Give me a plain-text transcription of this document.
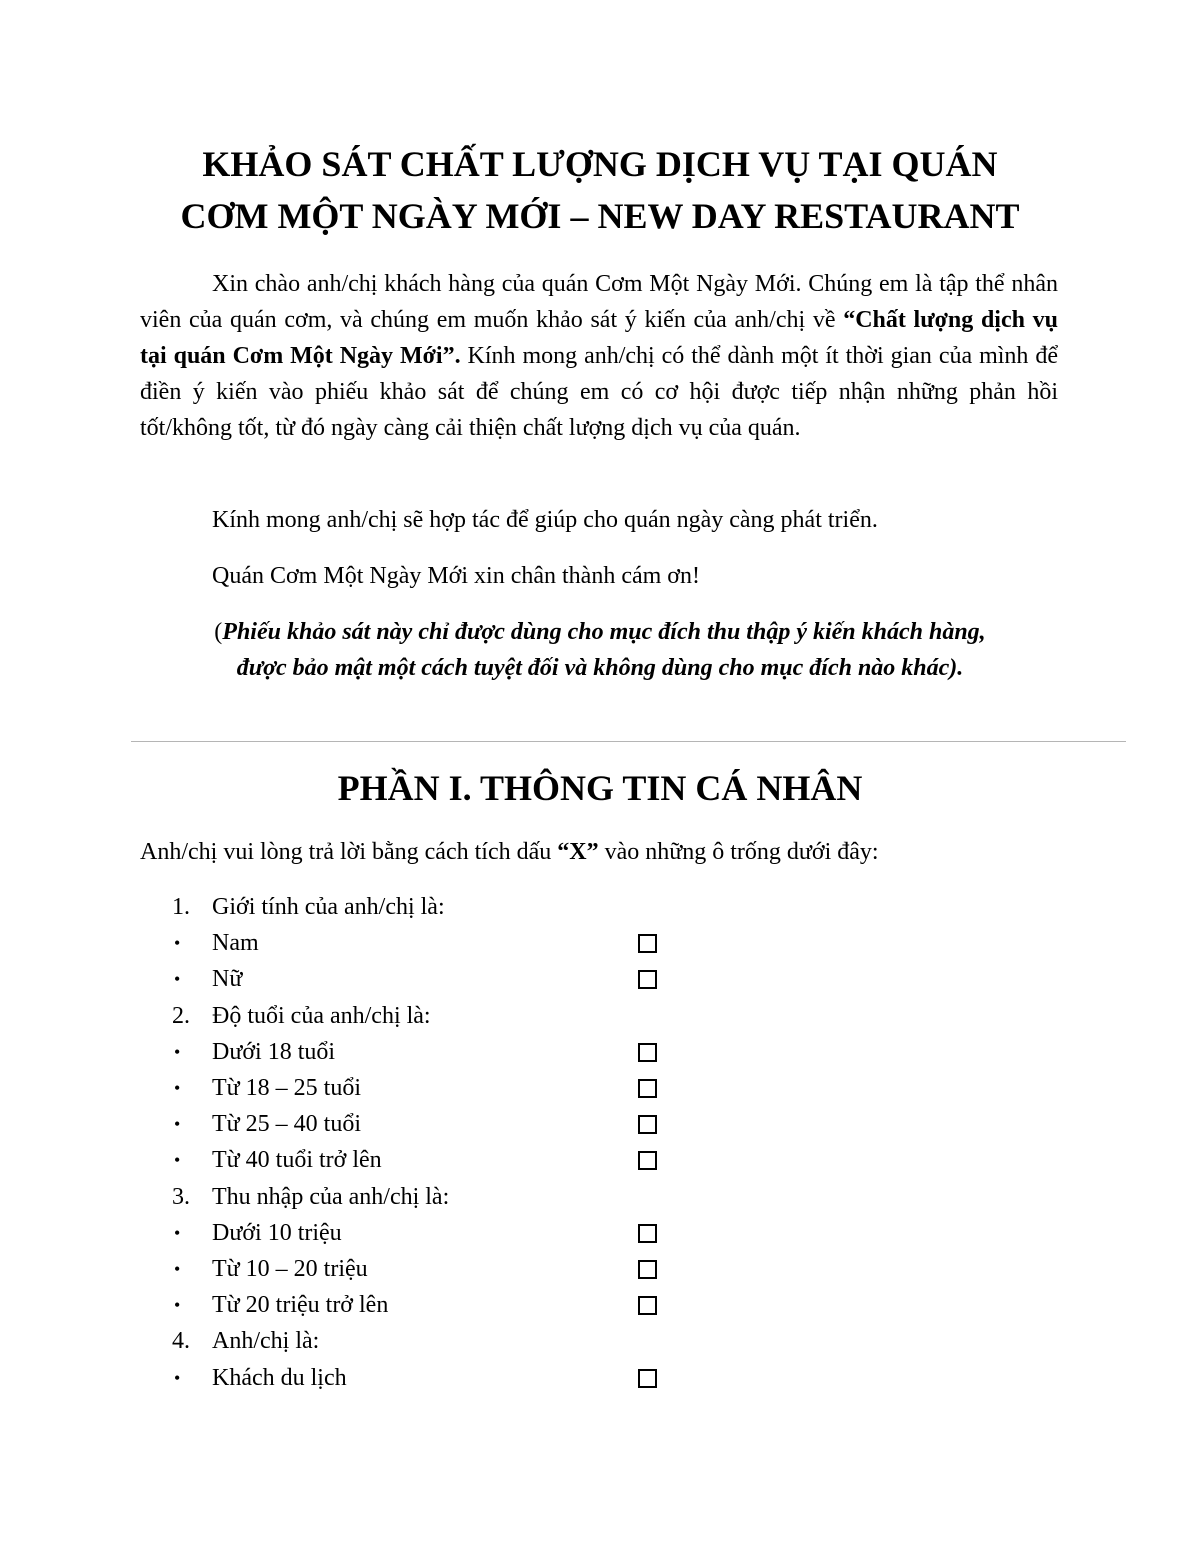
KHẢO SÁT CHẤT LƯỢNG DỊCH VỤ TẠI QUÁN
CƠM MỘT NGÀY MỚI – NEW DAY RESTAURANT

Xin chào anh/chị khách hàng của quán Cơm Một Ngày Mới. Chúng em là tập thể nhân viên của quán cơm, và chúng em muốn khảo sát ý kiến của anh/chị về “Chất lượng dịch vụ tại quán Cơm Một Ngày Mới”. Kính mong anh/chị có thể dành một ít thời gian của mình để điền ý kiến vào phiếu khảo sát để chúng em có cơ hội được tiếp nhận những phản hồi tốt/không tốt, từ đó ngày càng cải thiện chất lượng dịch vụ của quán.

Kính mong anh/chị sẽ hợp tác để giúp cho quán ngày càng phát triển.

Quán Cơm Một Ngày Mới xin chân thành cám ơn!

(Phiếu khảo sát này chỉ được dùng cho mục đích thu thập ý kiến khách hàng,
được bảo mật một cách tuyệt đối và không dùng cho mục đích nào khác).

PHẦN I. THÔNG TIN CÁ NHÂN

Anh/chị vui lòng trả lời bằng cách tích dấu “X” vào những ô trống dưới đây:

1. Giới tính của anh/chị là:
• Nam
• Nữ
2. Độ tuổi của anh/chị là:
• Dưới 18 tuổi
• Từ 18 – 25 tuổi
• Từ 25 – 40 tuổi
• Từ 40 tuổi trở lên
3. Thu nhập của anh/chị là:
• Dưới 10 triệu
• Từ 10 – 20 triệu
• Từ 20 triệu trở lên
4. Anh/chị là:
• Khách du lịch
